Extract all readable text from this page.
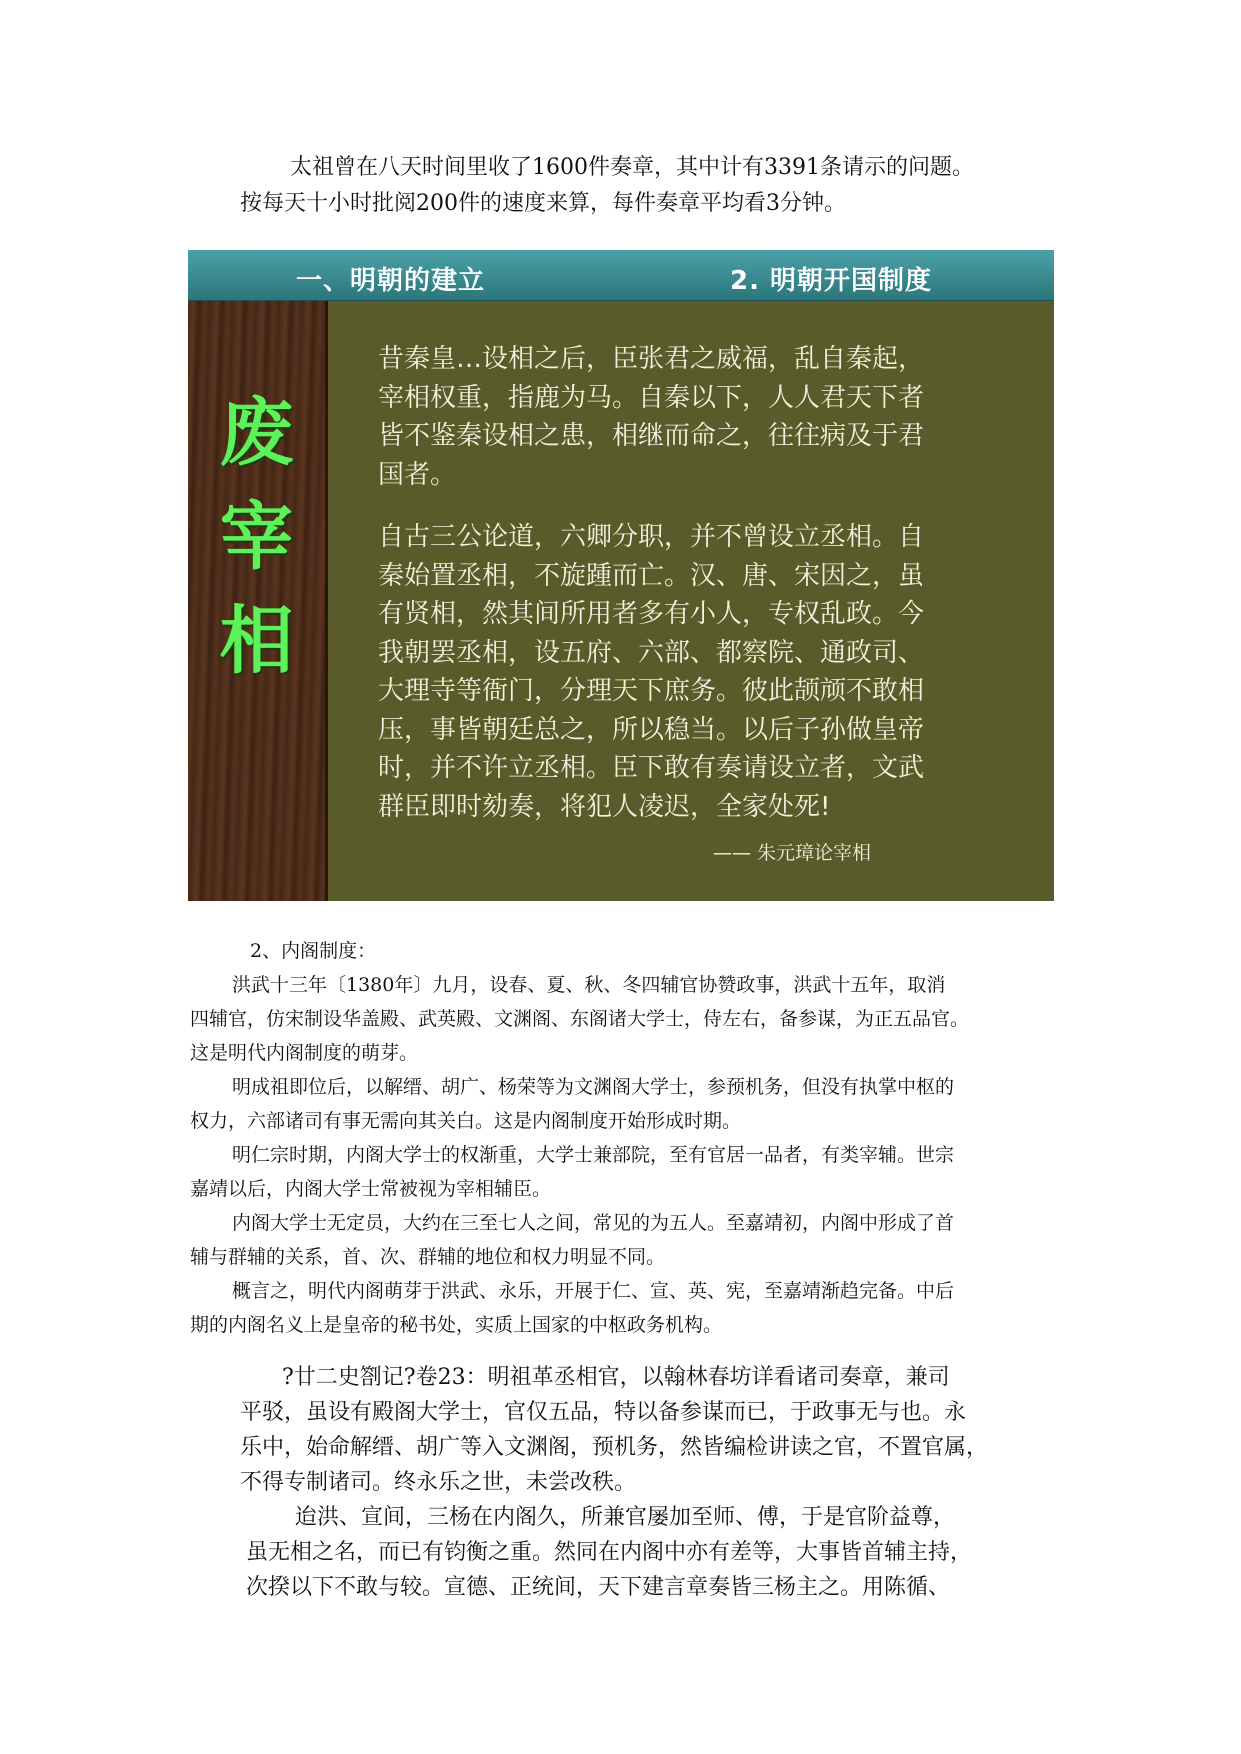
太祖曾在八天时间里收了1600件奏章，其中计有3391条请示的问题。
按每天十小时批阅200件的速度来算，每件奏章平均看3分钟。
一、明朝的建立	2. 明朝开国制度
废
宰
相
昔秦皇…设相之后，臣张君之威福，乱自秦起，
宰相权重，指鹿为马。自秦以下，人人君天下者
皆不鉴秦设相之患，相继而命之，往往病及于君
国者。
自古三公论道，六卿分职，并不曾设立丞相。自
秦始置丞相，不旋踵而亡。汉、唐、宋因之，虽
有贤相，然其间所用者多有小人，专权乱政。今
我朝罢丞相，设五府、六部、都察院、通政司、
大理寺等衙门，分理天下庶务。彼此颉颃不敢相
压，事皆朝廷总之，所以稳当。以后子孙做皇帝
时，并不许立丞相。臣下敢有奏请设立者，文武
群臣即时劾奏，将犯人凌迟，全家处死!
—— 朱元璋论宰相
2、内阁制度：
洪武十三年〔1380年〕九月，设春、夏、秋、冬四辅官协赞政事，洪武十五年，取消
四辅官，仿宋制设华盖殿、武英殿、文渊阁、东阁诸大学士，侍左右，备参谋，为正五品官。
这是明代内阁制度的萌芽。
明成祖即位后，以解缙、胡广、杨荣等为文渊阁大学士，参预机务，但没有执掌中枢的
权力，六部诸司有事无需向其关白。这是内阁制度开始形成时期。
明仁宗时期，内阁大学士的权渐重，大学士兼部院，至有官居一品者，有类宰辅。世宗
嘉靖以后，内阁大学士常被视为宰相辅臣。
内阁大学士无定员，大约在三至七人之间，常见的为五人。至嘉靖初，内阁中形成了首
辅与群辅的关系，首、次、群辅的地位和权力明显不同。
概言之，明代内阁萌芽于洪武、永乐，开展于仁、宣、英、宪，至嘉靖渐趋完备。中后
期的内阁名义上是皇帝的秘书处，实质上国家的中枢政务机构。
?廿二史劄记?卷23：明祖革丞相官，以翰林春坊详看诸司奏章，兼司
平驳，虽设有殿阁大学士，官仅五品，特以备参谋而已，于政事无与也。永
乐中，始命解缙、胡广等入文渊阁，预机务，然皆编检讲读之官，不置官属，
不得专制诸司。终永乐之世，未尝改秩。
迨洪、宣间，三杨在内阁久，所兼官屡加至师、傅，于是官阶益尊，
虽无相之名，而已有钧衡之重。然同在内阁中亦有差等，大事皆首辅主持，
次揆以下不敢与较。宣德、正统间，天下建言章奏皆三杨主之。用陈循、
